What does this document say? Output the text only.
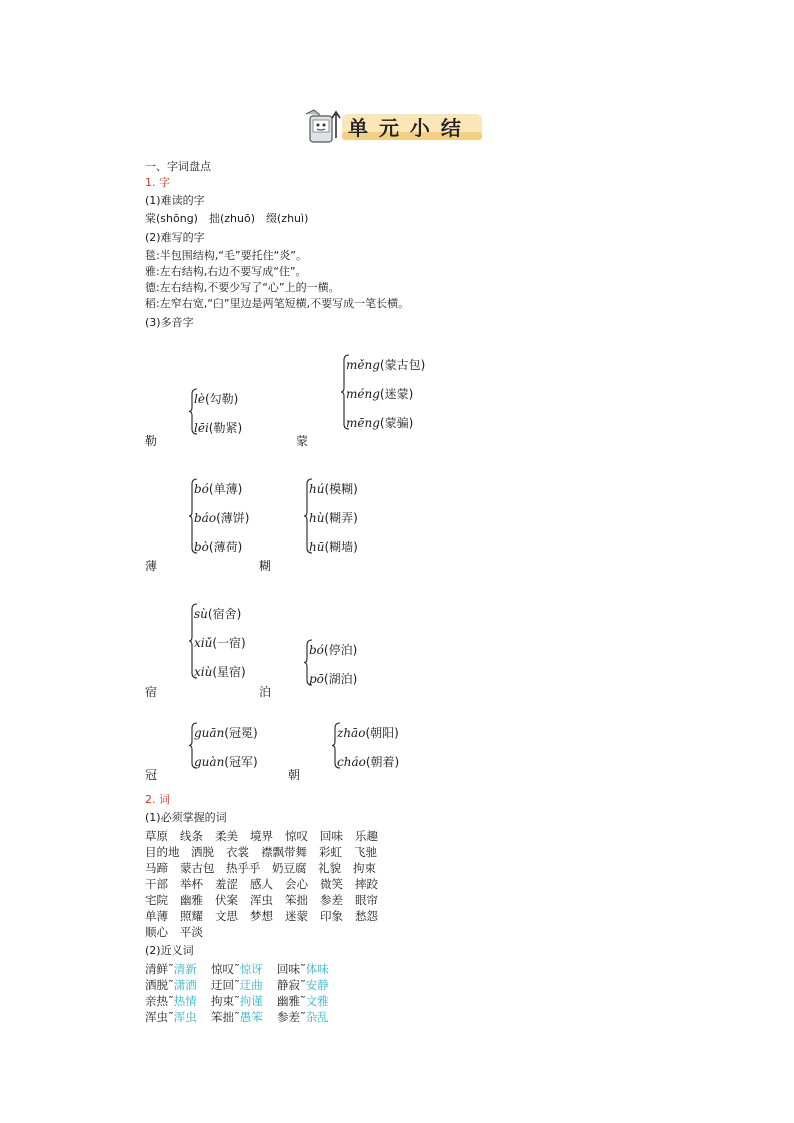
单 元 小 结
一、字词盘点
1. 字
(1)难读的字
棠(shōng)　拙(zhuō)　缀(zhuì)
(2)难写的字
毯:半包围结构,“毛”要托住“炎”。
雅:左右结构,右边不要写成“住”。
德:左右结构,不要少写了“心”上的一横。
稻:左窄右宽,“臼”里边是两笔短横,不要写成一笔长横。
(3)多音字
勒
lè(勾勒)
lēi(勒紧)
蒙
měng(蒙古包)
méng(迷蒙)
mēng(蒙骗)
薄
bó(单薄)
báo(薄饼)
bò(薄荷)
糊
hú(模糊)
hù(糊弄)
hū(糊墙)
宿
sù(宿舍)
xiǔ(一宿)
xiù(星宿)
泊
bó(停泊)
pō(湖泊)
冠
guān(冠冕)
guàn(冠军)
朝
zhāo(朝阳)
cháo(朝着)
2. 词
(1)必须掌握的词
草原 线条 柔美 境界 惊叹 回味 乐趣
目的地 洒脱 衣裳 襟飘带舞 彩虹 飞驰
马蹄 蒙古包 热乎乎 奶豆腐 礼貌 拘束
干部 举杯 羞涩 感人 会心 微笑 摔跤
宅院 幽雅 伏案 浑虫 笨拙 参差 眼帘
单薄 照耀 文思 梦想 迷蒙 印象 愁怨
顺心 平淡
(2)近义词
清鲜˜清新 惊叹˜惊讶 回味˜体味
洒脱˜潇洒 迂回˜迂曲 静寂˜安静
亲热˜热情 拘束˜拘谨 幽雅˜文雅
浑虫˜浑虫 笨拙˜愚笨 参差˜杂乱
